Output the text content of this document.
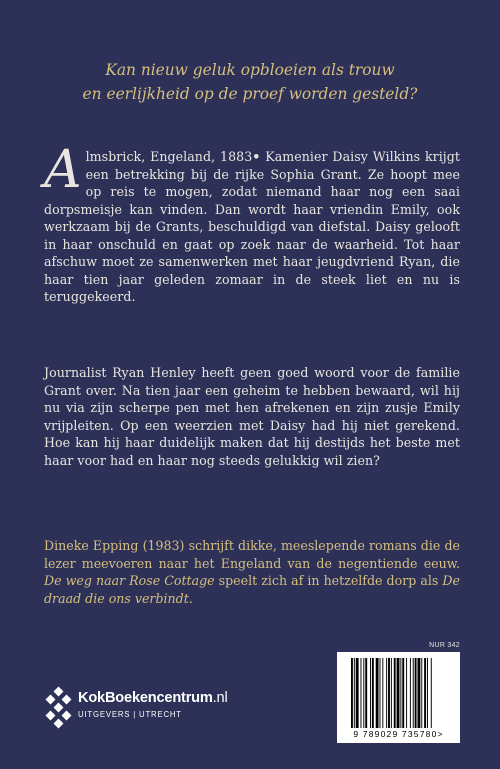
Kan nieuw geluk opbloeien als trouw
en eerlijkheid op de proef worden gesteld?
Almsbrick, Engeland, 1883• Kamenier Daisy Wilkins krijgt een betrekking bij de rijke Sophia Grant. Ze hoopt mee op reis te mogen, zodat niemand haar nog een saai dorpsmeisje kan vinden. Dan wordt haar vriendin Emily, ook werkzaam bij de Grants, beschuldigd van diefstal. Daisy gelooft in haar onschuld en gaat op zoek naar de waarheid. Tot haar afschuw moet ze samenwerken met haar jeugdvriend Ryan, die haar tien jaar geleden zomaar in de steek liet en nu is teruggekeerd.
Journalist Ryan Henley heeft geen goed woord voor de familie Grant over. Na tien jaar een geheim te hebben bewaard, wil hij nu via zijn scherpe pen met hen afrekenen en zijn zusje Emily vrijpleiten. Op een weerzien met Daisy had hij niet gerekend. Hoe kan hij haar duidelijk maken dat hij destijds het beste met haar voor had en haar nog steeds gelukkig wil zien?
Dineke Epping (1983) schrijft dikke, meeslepende romans die de lezer meevoeren naar het Engeland van de negentiende eeuw. De weg naar Rose Cottage speelt zich af in hetzelfde dorp als De draad die ons verbindt.
NUR 342
9 789029 735780>
KokBoekencentrum.nl
UITGEVERS | UTRECHT
